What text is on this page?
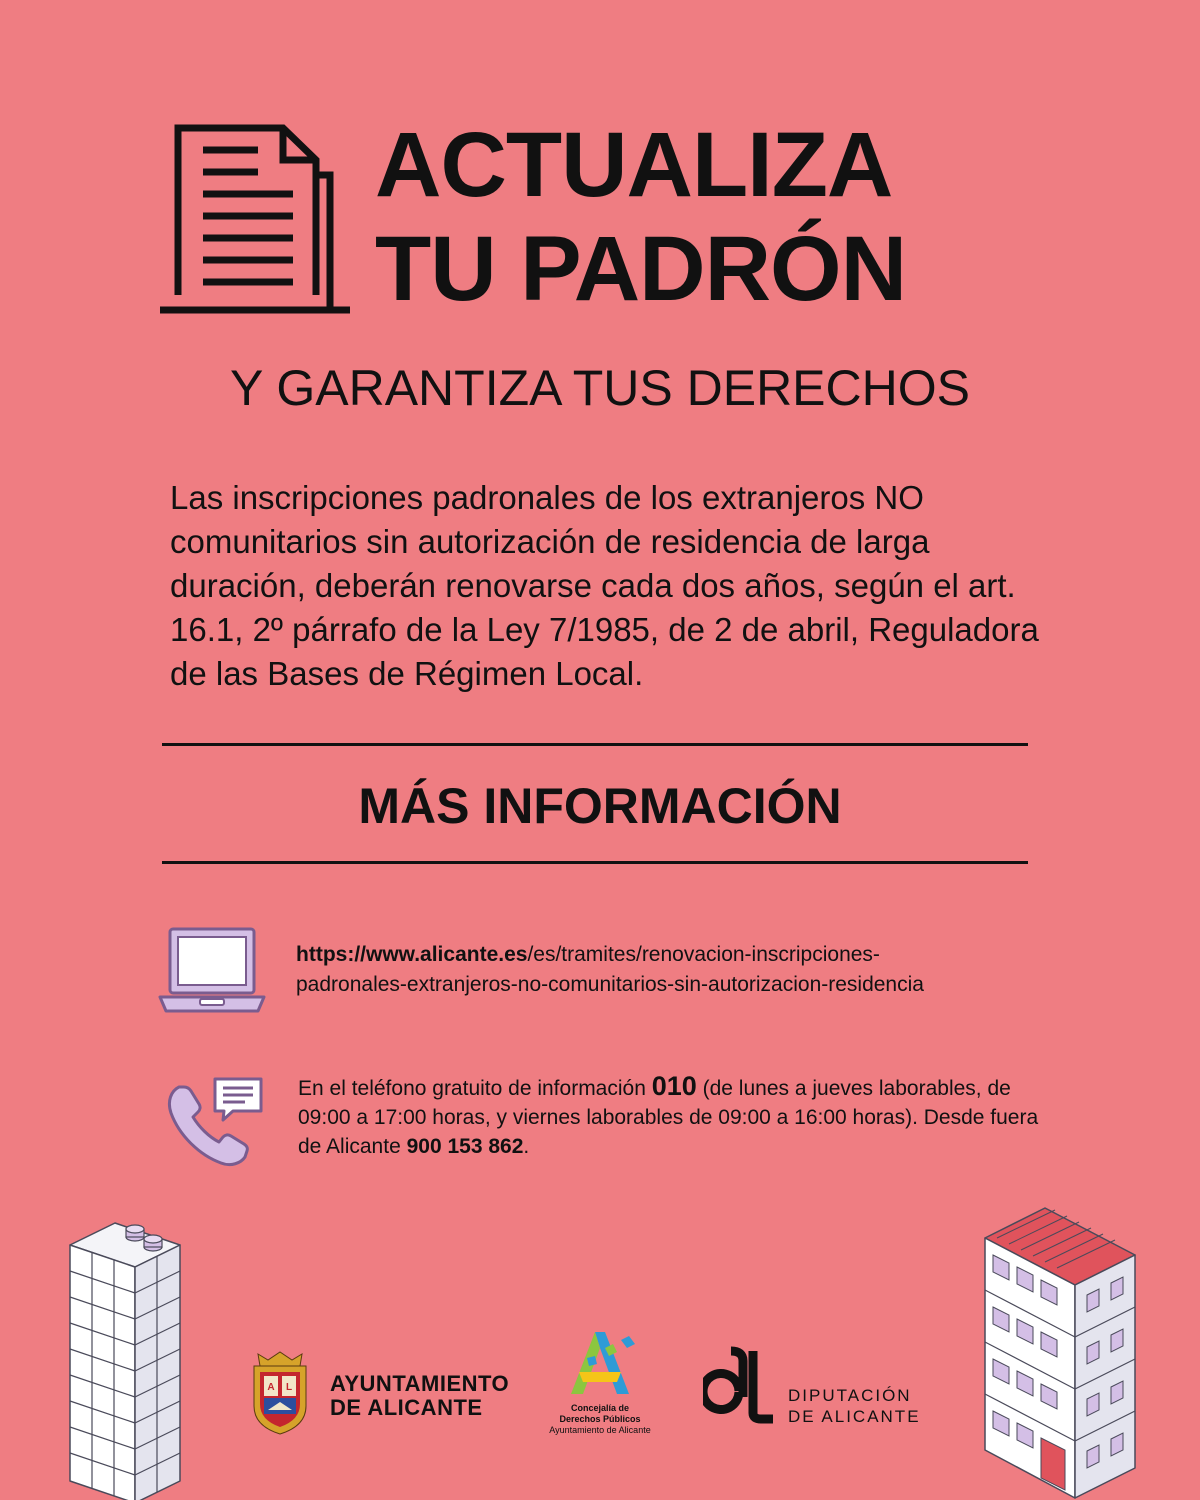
ACTUALIZA
TU PADRÓN
Y GARANTIZA TUS DERECHOS

Las inscripciones padronales de los extranjeros NO comunitarios sin autorización de residencia de larga duración, deberán renovarse cada dos años, según el art. 16.1, 2º párrafo de la Ley 7/1985, de 2 de abril, Reguladora de las Bases de Régimen Local.

MÁS INFORMACIÓN
https://www.alicante.es/es/tramites/renovacion-inscripciones-
padronales-extranjeros-no-comunitarios-sin-autorizacion-residencia
En el teléfono gratuito de información 010 (de lunes a jueves laborables, de 09:00 a 17:00 horas, y viernes laborables de 09:00 a 16:00 horas). Desde fuera de Alicante 900 153 862.
A L AYUNTAMIENTO
DE ALICANTE	Concejalía de
Derechos Públicos
Ayuntamiento de Alicante
DIPUTACIÓN
DE ALICANTE
